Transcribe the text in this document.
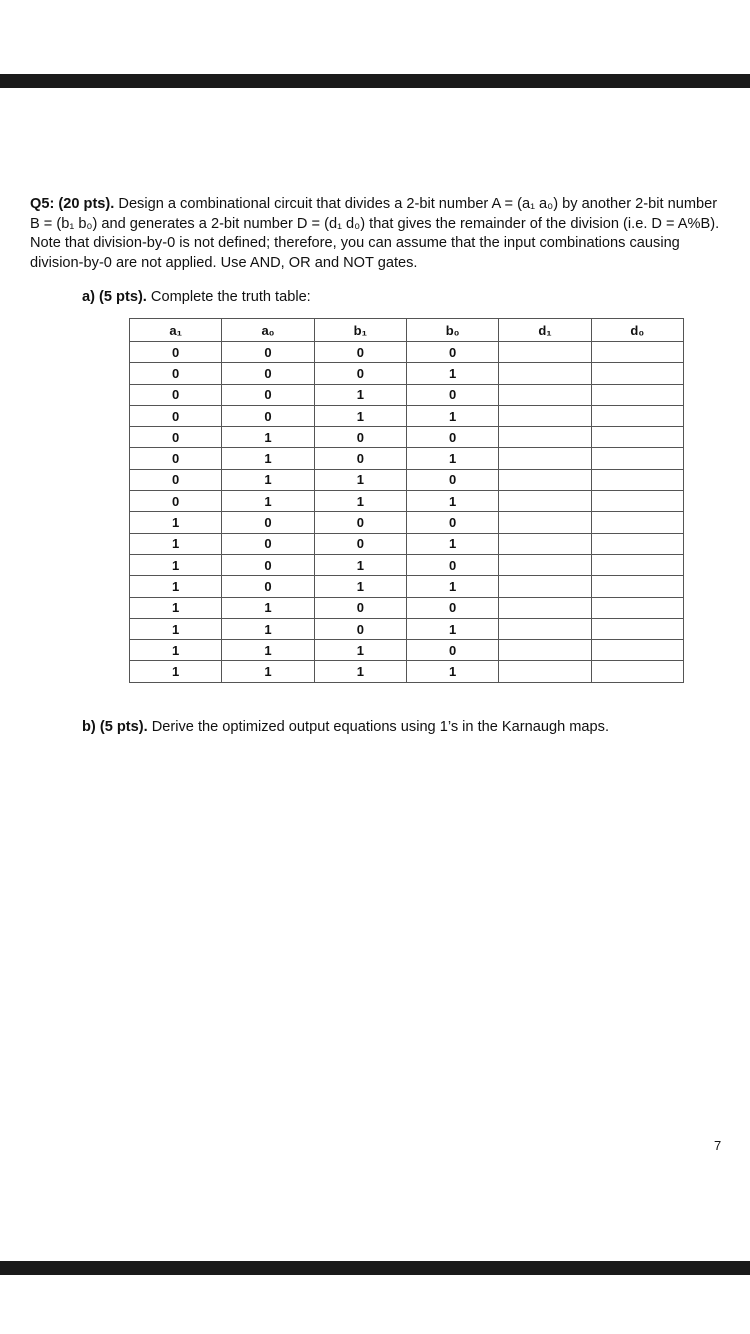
Q5: (20 pts). Design a combinational circuit that divides a 2-bit number A = (a₁ a₀) by another 2-bit number B = (b₁ b₀) and generates a 2-bit number D = (d₁ d₀) that gives the remainder of the division (i.e. D = A%B). Note that division-by-0 is not defined; therefore, you can assume that the input combinations causing division-by-0 are not applied. Use AND, OR and NOT gates.

a) (5 pts). Complete the truth table:

a₁	a₀	b₁	b₀	d₁	d₀
0	0	0	0		
0	0	0	1		
0	0	1	0		
0	0	1	1		
0	1	0	0		
0	1	0	1		
0	1	1	0		
0	1	1	1		
1	0	0	0		
1	0	0	1		
1	0	1	0		
1	0	1	1		
1	1	0	0		
1	1	0	1		
1	1	1	0		
1	1	1	1		

b) (5 pts). Derive the optimized output equations using 1’s in the Karnaugh maps.

7
